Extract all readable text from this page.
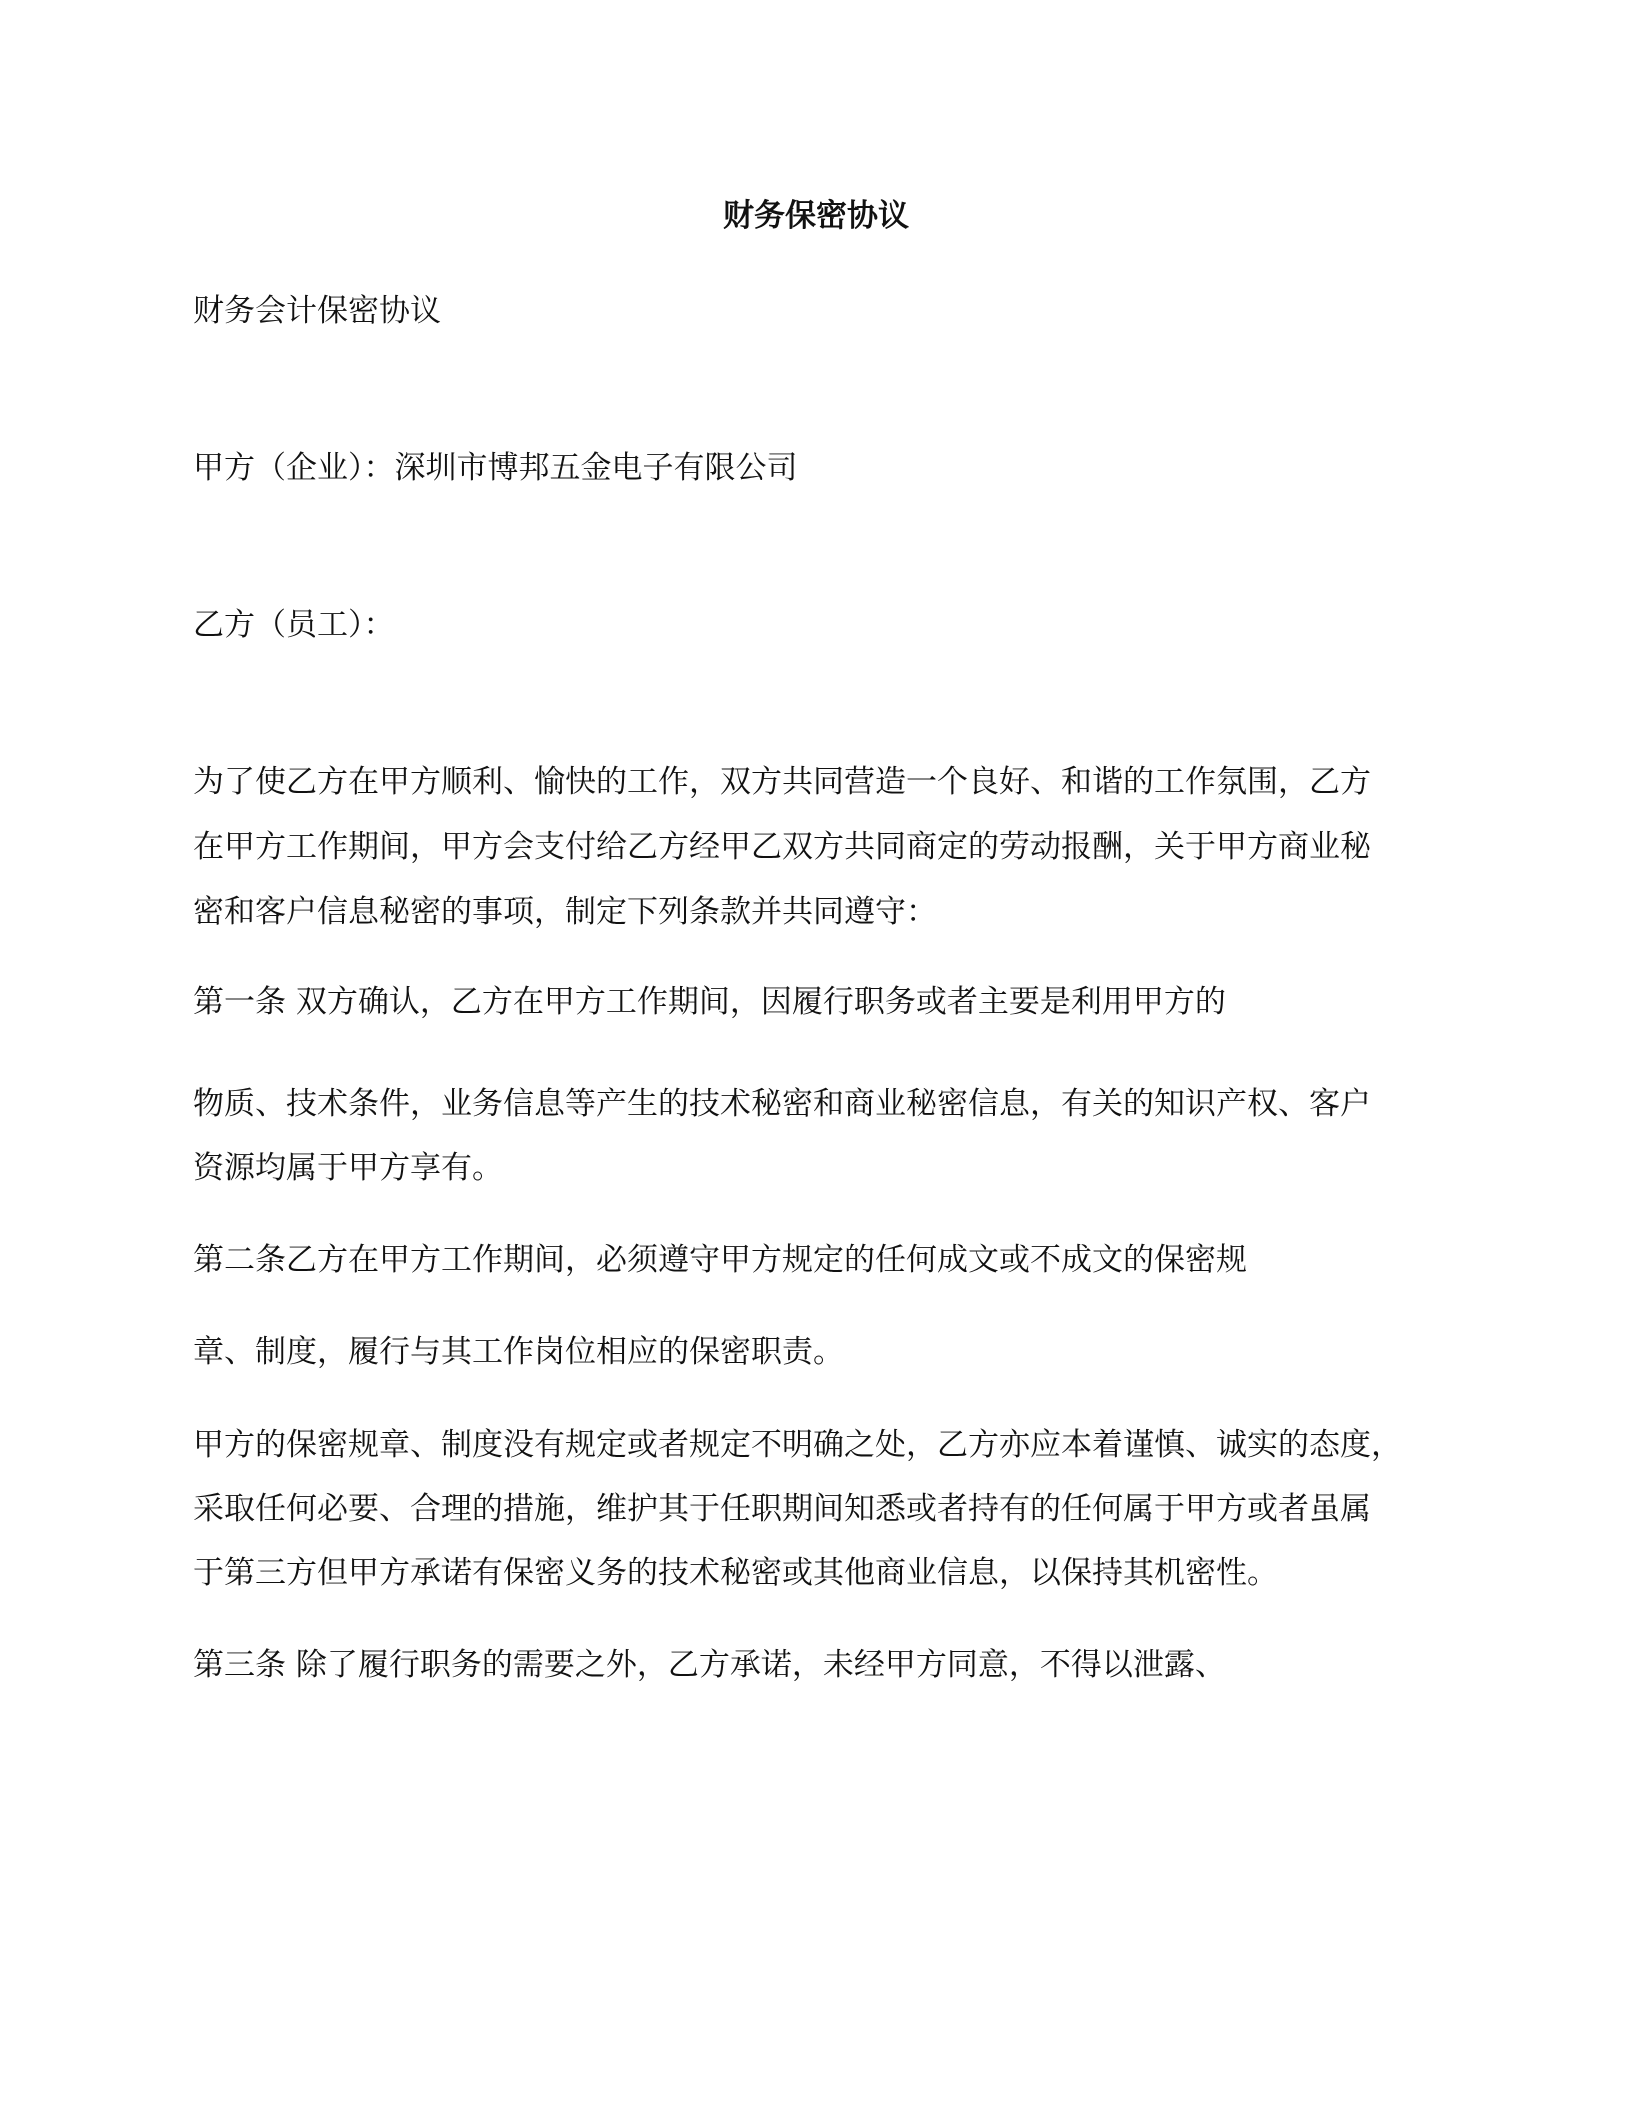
财务保密协议
财务会计保密协议
甲方（企业）：深圳市博邦五金电子有限公司
乙方（员工）：
为了使乙方在甲方顺利、愉快的工作，双方共同营造一个良好、和谐的工作氛围，乙方
在甲方工作期间，甲方会支付给乙方经甲乙双方共同商定的劳动报酬，关于甲方商业秘
密和客户信息秘密的事项，制定下列条款并共同遵守：
第一条 双方确认，乙方在甲方工作期间，因履行职务或者主要是利用甲方的
物质、技术条件，业务信息等产生的技术秘密和商业秘密信息，有关的知识产权、客户
资源均属于甲方享有。
第二条乙方在甲方工作期间，必须遵守甲方规定的任何成文或不成文的保密规
章、制度，履行与其工作岗位相应的保密职责。
甲方的保密规章、制度没有规定或者规定不明确之处，乙方亦应本着谨慎、诚实的态度，
采取任何必要、合理的措施，维护其于任职期间知悉或者持有的任何属于甲方或者虽属
于第三方但甲方承诺有保密义务的技术秘密或其他商业信息，以保持其机密性。
第三条 除了履行职务的需要之外，乙方承诺，未经甲方同意，不得以泄露、
